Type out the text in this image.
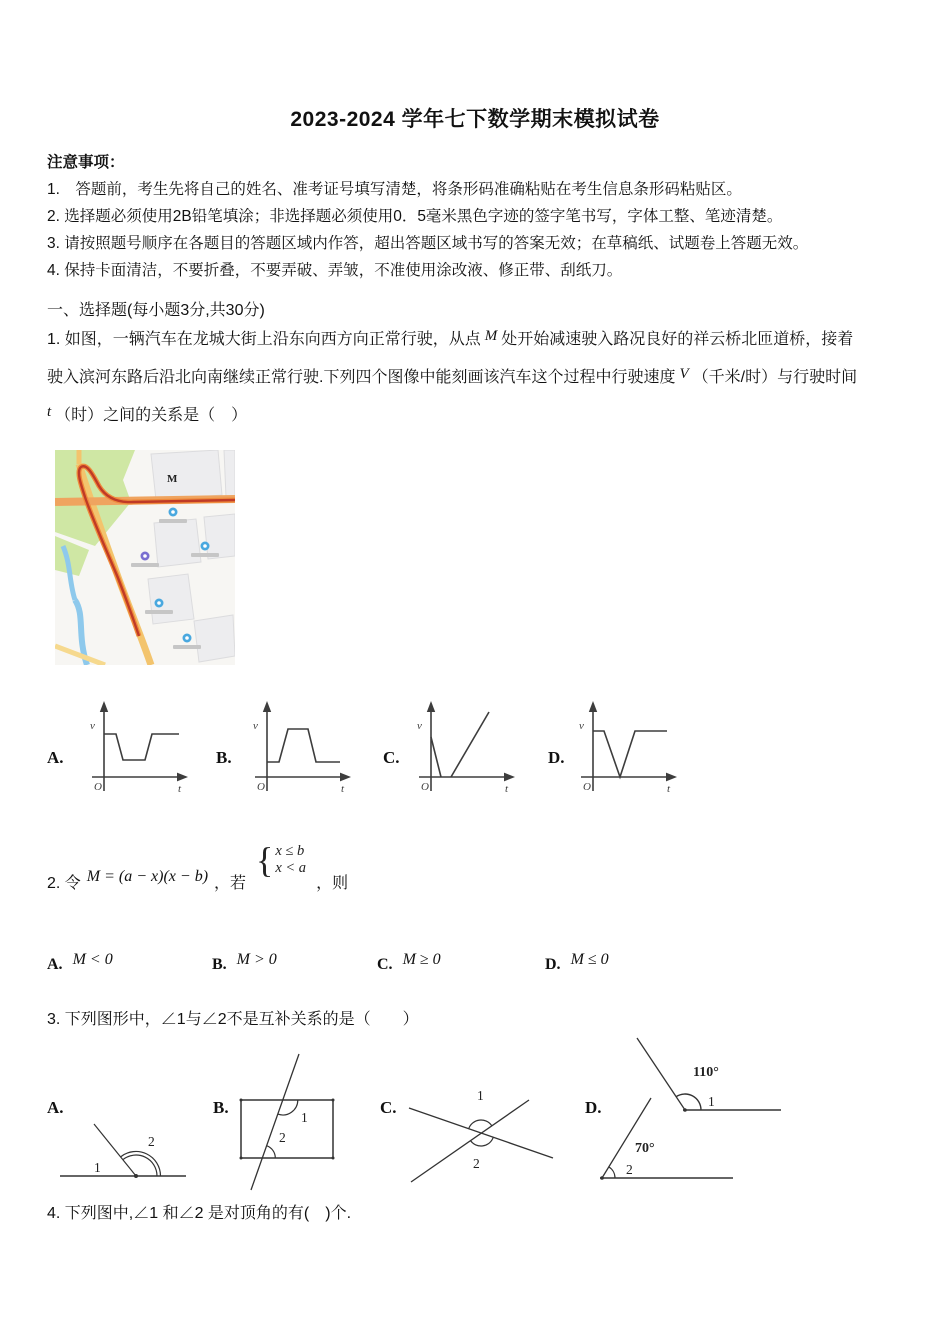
2023-2024 学年七下数学期末模拟试卷
注意事项：
1.　答题前，考生先将自己的姓名、准考证号填写清楚，将条形码准确粘贴在考生信息条形码粘贴区。
2. 选择题必须使用2B铅笔填涂；非选择题必须使用0．5毫米黑色字迹的签字笔书写，字体工整、笔迹清楚。
3. 请按照题号顺序在各题目的答题区域内作答，超出答题区域书写的答案无效；在草稿纸、试题卷上答题无效。
4. 保持卡面清洁，不要折叠，不要弄破、弄皱，不准使用涂改液、修正带、刮纸刀。
一、选择题(每小题3分,共30分)
1. 如图，一辆汽车在龙城大街上沿东向西方向正常行驶，从点 M 处开始减速驶入路况良好的祥云桥北匝道桥，接着
驶入滨河东路后沿北向南继续正常行驶.下列四个图像中能刻画该汽车这个过程中行驶速度 V （千米/时）与行驶时间
t （时）之间的关系是（　）
M
A.
v
O	t
B.
v
O	t
C.
v
O	t
D.
v
O	t
2. 令 M = (a − x)(x − b) ，若
{ x ≤ b
x < a
，则
A. M < 0	B. M > 0	C. M ≥ 0	D. M ≤ 0
3. 下列图形中，∠1与∠2不是互补关系的是（　　）
A.
1
2
B.
1
2
C.
1
2
D.
110°
1
70°
2
4. 下列图中,∠1 和∠2 是对顶角的有(　)个.
